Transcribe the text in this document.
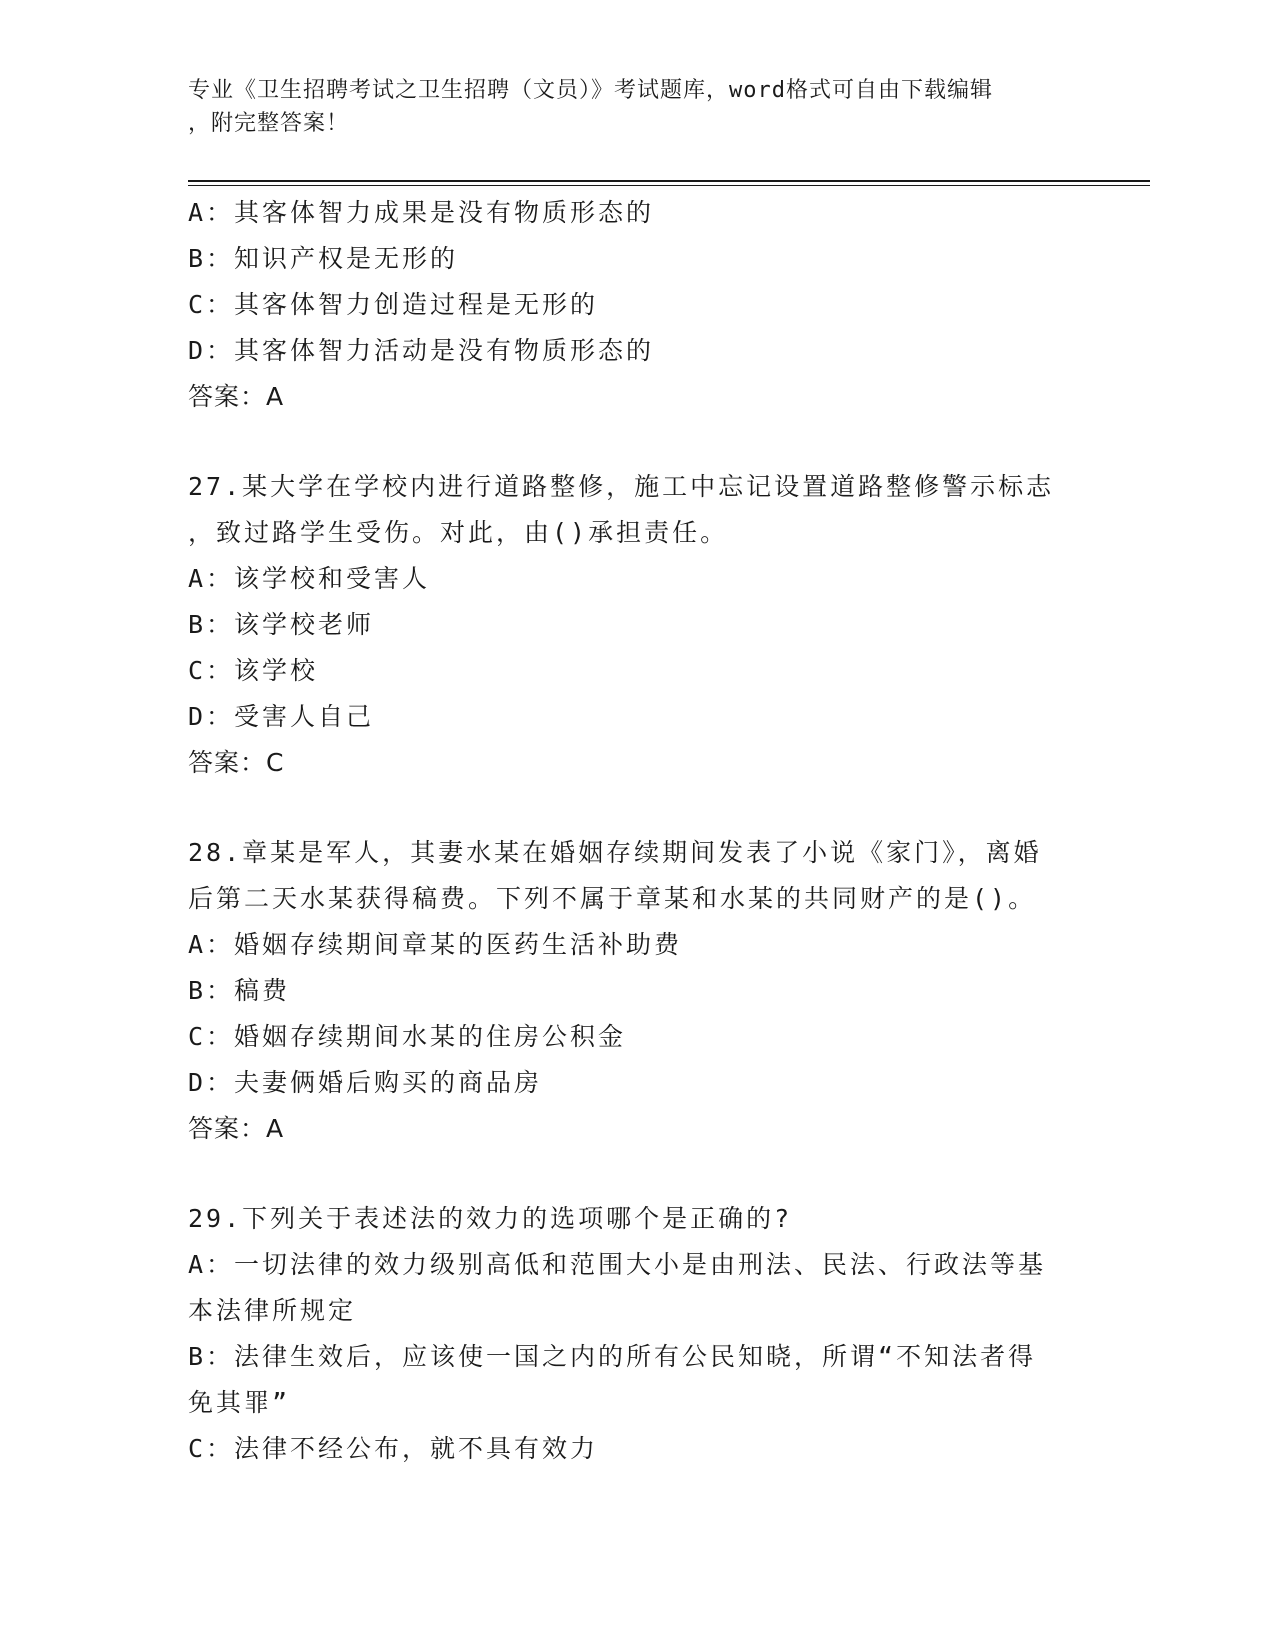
专业《卫生招聘考试之卫生招聘（文员）》考试题库，word格式可自由下载编辑
，附完整答案！
A：其客体智力成果是没有物质形态的
B：知识产权是无形的
C：其客体智力创造过程是无形的
D：其客体智力活动是没有物质形态的
答案：A
27.某大学在学校内进行道路整修，施工中忘记设置道路整修警示标志
，致过路学生受伤。对此，由()承担责任。
A：该学校和受害人
B：该学校老师
C：该学校
D：受害人自己
答案：C
28.章某是军人，其妻水某在婚姻存续期间发表了小说《家门》，离婚
后第二天水某获得稿费。下列不属于章某和水某的共同财产的是()。
A：婚姻存续期间章某的医药生活补助费
B：稿费
C：婚姻存续期间水某的住房公积金
D：夫妻俩婚后购买的商品房
答案：A
29.下列关于表述法的效力的选项哪个是正确的?
A：一切法律的效力级别高低和范围大小是由刑法、民法、行政法等基
本法律所规定
B：法律生效后，应该使一国之内的所有公民知晓，所谓“不知法者得
免其罪”
C：法律不经公布，就不具有效力
